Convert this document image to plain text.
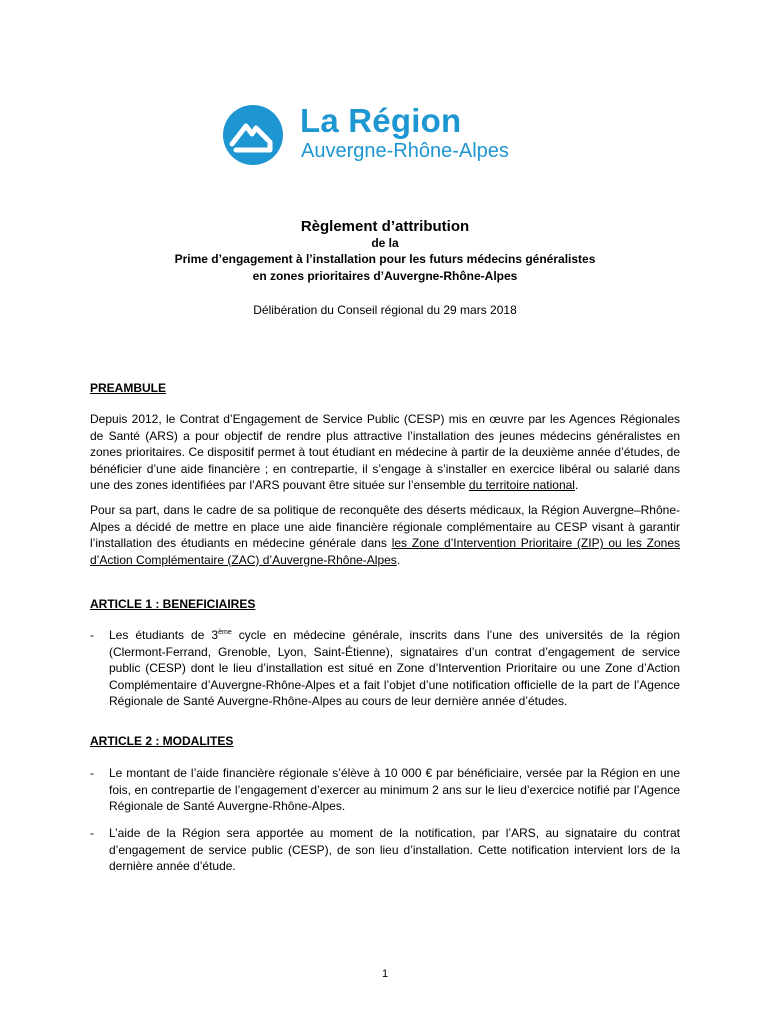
La Région
Auvergne-Rhône-Alpes
Règlement d’attribution
de la
Prime d’engagement à l’installation pour les futurs médecins généralistes
en zones prioritaires d’Auvergne-Rhône-Alpes
Délibération du Conseil régional du 29 mars 2018
PREAMBULE
Depuis 2012, le Contrat d’Engagement de Service Public (CESP) mis en œuvre par les Agences Régionales de Santé (ARS) a pour objectif de rendre plus attractive l’installation des jeunes médecins généralistes en zones prioritaires. Ce dispositif permet à tout étudiant en médecine à partir de la deuxième année d’études, de bénéficier d’une aide financière ; en contrepartie, il s’engage à s’installer en exercice libéral ou salarié dans une des zones identifiées par l’ARS pouvant être située sur l’ensemble du territoire national.
Pour sa part, dans le cadre de sa politique de reconquête des déserts médicaux, la Région Auvergne–Rhône-Alpes a décidé de mettre en place une aide financière régionale complémentaire au CESP visant à garantir l’installation des étudiants en médecine générale dans les Zone d’Intervention Prioritaire (ZIP) ou les Zones d’Action Complémentaire (ZAC) d’Auvergne-Rhône-Alpes.
ARTICLE 1 : BENEFICIAIRES
- Les étudiants de 3ème cycle en médecine générale, inscrits dans l’une des universités de la région (Clermont-Ferrand, Grenoble, Lyon, Saint-Étienne), signataires d’un contrat d’engagement de service public (CESP) dont le lieu d’installation est situé en Zone d’Intervention Prioritaire ou une Zone d’Action Complémentaire d’Auvergne-Rhône-Alpes et a fait l’objet d’une notification officielle de la part de l’Agence Régionale de Santé Auvergne-Rhône-Alpes au cours de leur dernière année d’études.
ARTICLE 2 : MODALITES
- Le montant de l’aide financière régionale s’élève à 10 000 € par bénéficiaire, versée par la Région en une fois, en contrepartie de l’engagement d’exercer au minimum 2 ans sur le lieu d’exercice notifié par l’Agence Régionale de Santé Auvergne-Rhône-Alpes.
- L’aide de la Région sera apportée au moment de la notification, par l’ARS, au signataire du contrat d’engagement de service public (CESP), de son lieu d’installation. Cette notification intervient lors de la dernière année d’étude.
1
